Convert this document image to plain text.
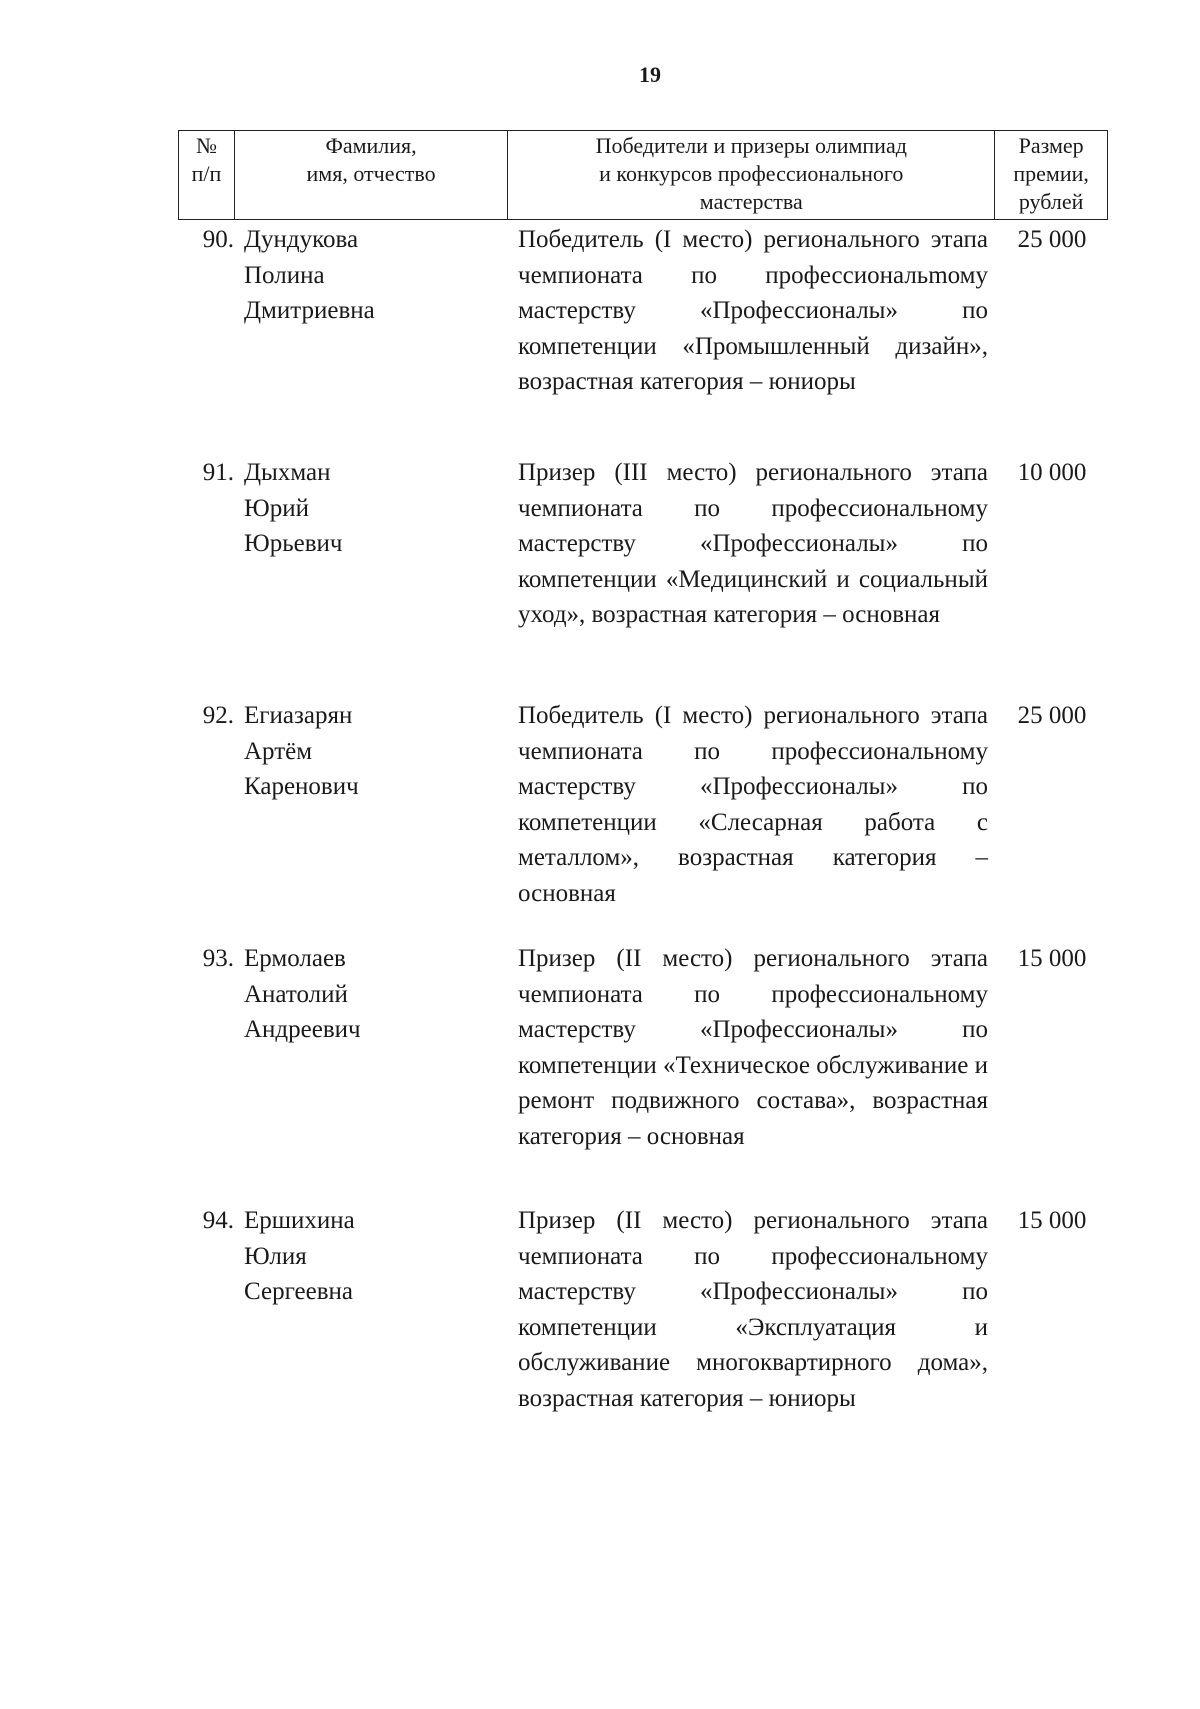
19
№
п/п
Фамилия,
имя, отчество
Победители и призеры олимпиад
и конкурсов профессионального
мастерства
Размер
премии,
рублей
90. Дундукова
Полина
Дмитриевна
Победитель (I место) регионального этапа чемпионата по профессиональmому мастерству «Профессионалы» по компетенции «Промышленный дизайн», возрастная категория – юниоры
25 000
91. Дыхман
Юрий
Юрьевич
Призер (III место) регионального этапа чемпионата по профессиональному мастерству «Профессионалы» по компетенции «Медицинский и социальный уход», возрастная категория – основная
10 000
92. Егиазарян
Артём
Каренович
Победитель (I место) регионального этапа чемпионата по профессиональному мастерству «Профессионалы» по компетенции «Слесарная работа с металлом», возрастная категория – основная
25 000
93. Ермолаев
Анатолий
Андреевич
Призер (II место) регионального этапа чемпионата по профессиональному мастерству «Профессионалы» по компетенции «Техническое обслуживание и ремонт подвижного состава», возрастная категория – основная
15 000
94. Ершихина
Юлия
Сергеевна
Призер (II место) регионального этапа чемпионата по профессиональному мастерству «Профессионалы» по компетенции «Эксплуатация и обслуживание многоквартирного дома», возрастная категория – юниоры
15 000
